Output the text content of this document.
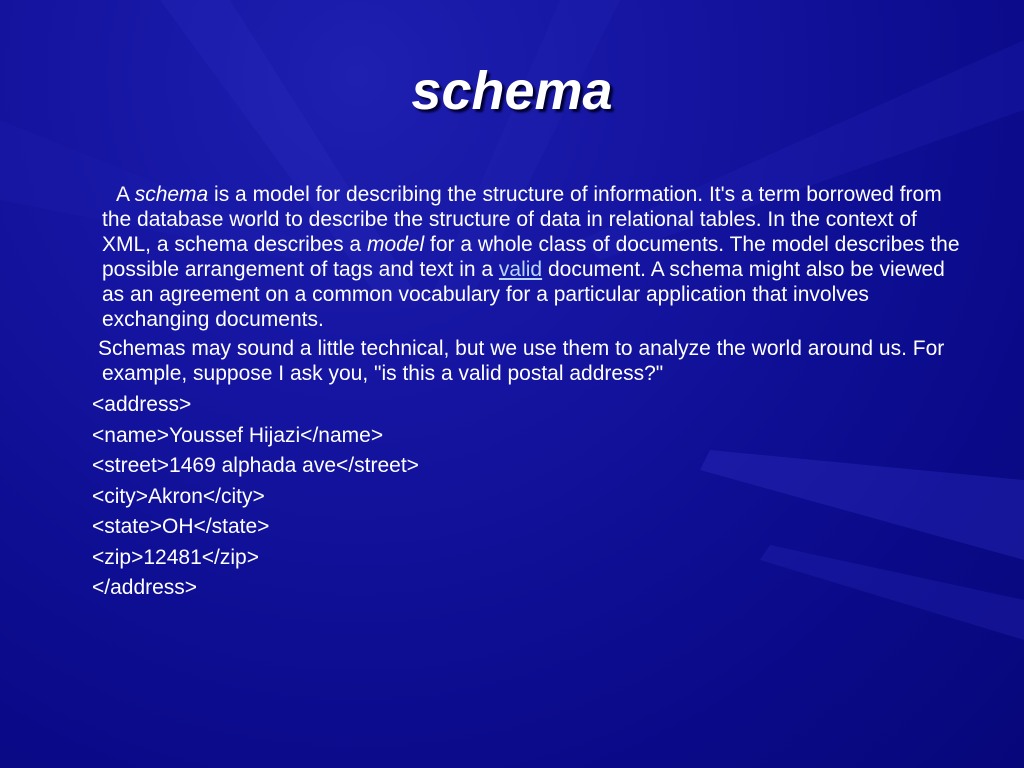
schema

A schema is a model for describing the structure of information. It's a term borrowed from the database world to describe the structure of data in relational tables. In the context of XML, a schema describes a model for a whole class of documents. The model describes the possible arrangement of tags and text in a valid document. A schema might also be viewed as an agreement on a common vocabulary for a particular application that involves exchanging documents.

Schemas may sound a little technical, but we use them to analyze the world around us. For example, suppose I ask you, "is this a valid postal address?"

<address>
<name>Youssef Hijazi</name>
<street>1469 alphada ave</street>
<city>Akron</city>
<state>OH</state>
<zip>12481</zip>
</address>
